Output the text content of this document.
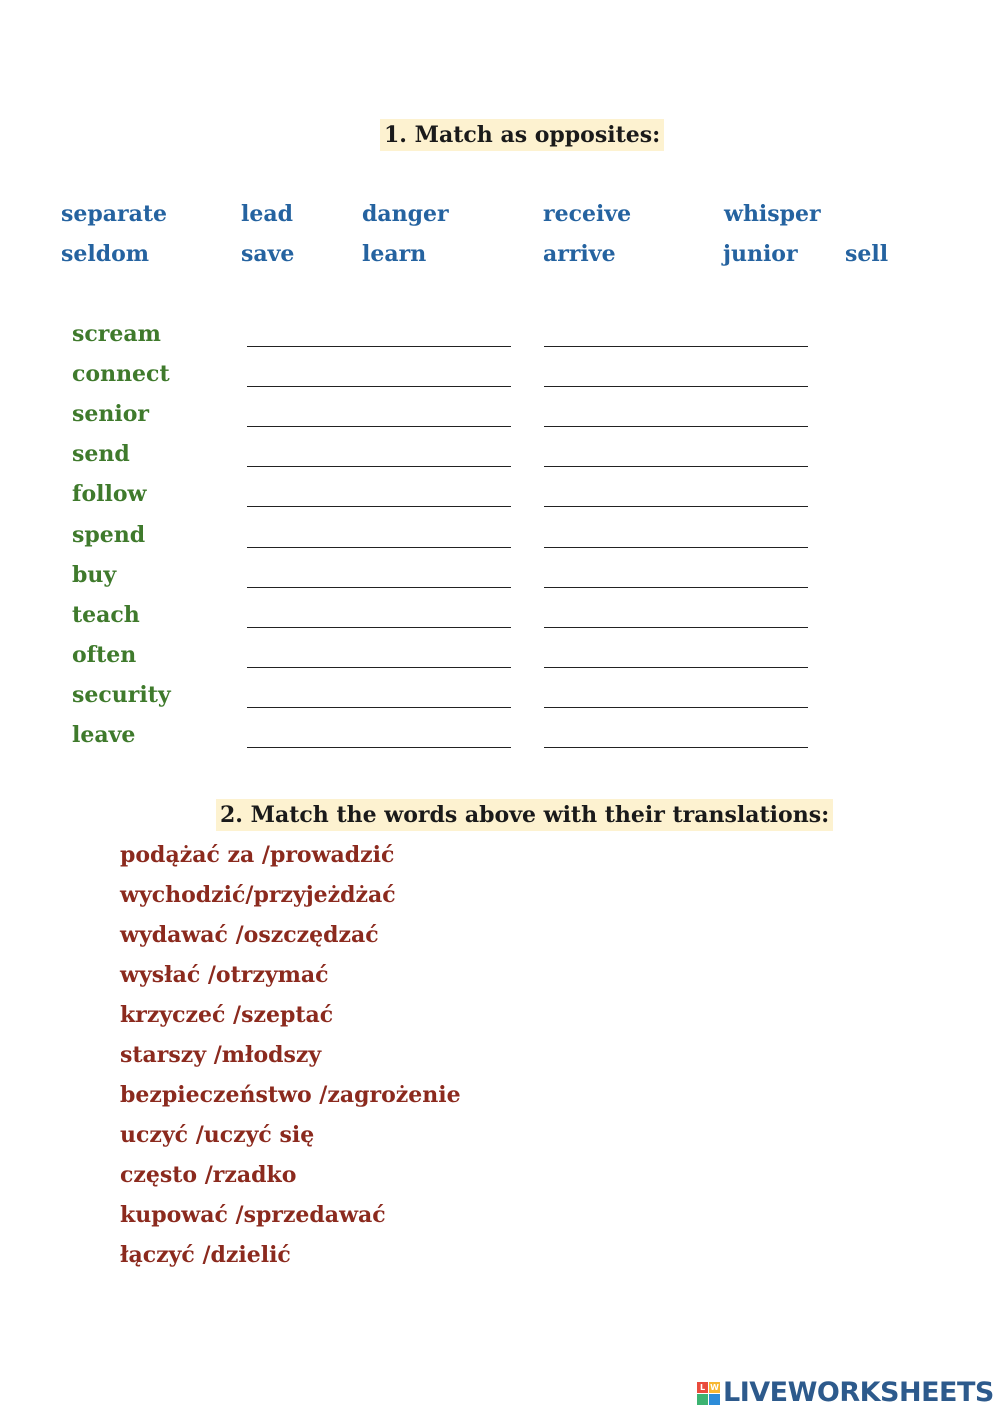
1. Match as opposites:
separate	lead	danger	receive	whisper
seldom	save	learn	arrive	junior sell
scream
connect
senior
send
follow
spend
buy
teach
often
security
leave
2. Match the words above with their translations:
podążać za /prowadzić
wychodzić/przyjeżdżać
wydawać /oszczędzać
wysłać /otrzymać
krzyczeć /szeptać
starszy /młodszy
bezpieczeństwo /zagrożenie
uczyć /uczyć się
często /rzadko
kupować /sprzedawać
łączyć /dzielić
L W LIVEWORKSHEETS
